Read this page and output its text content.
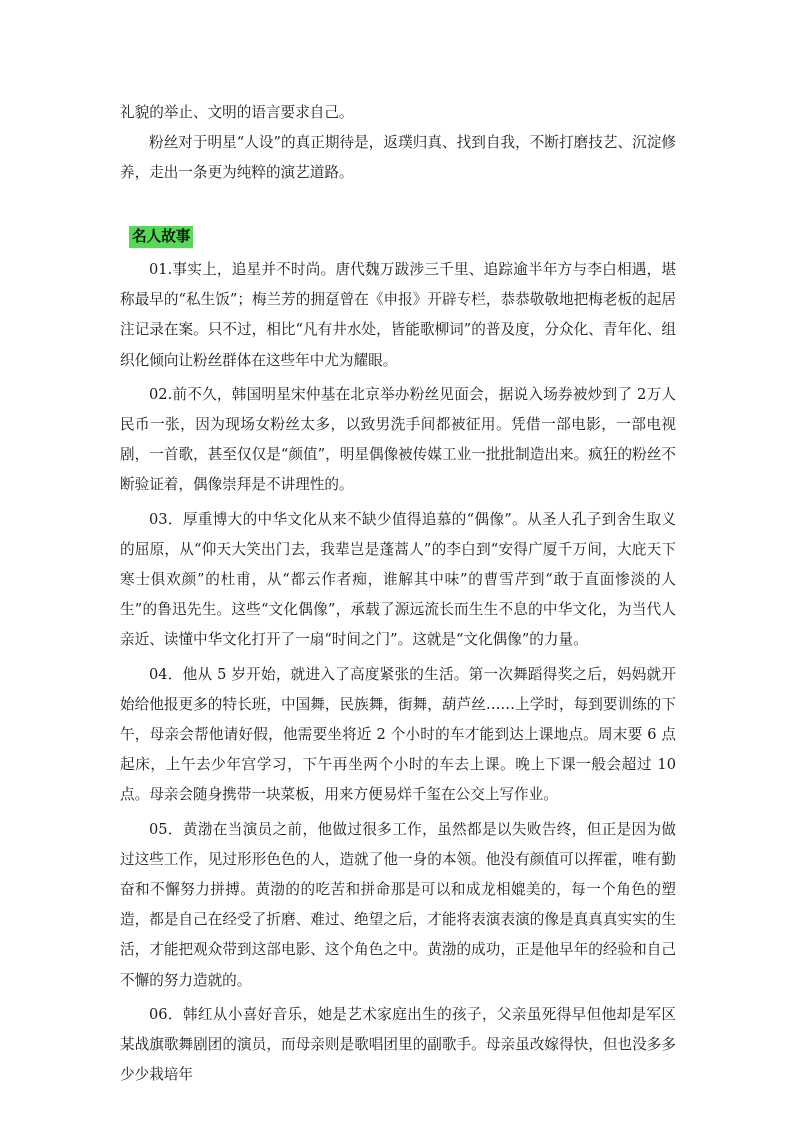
礼貌的举止、文明的语言要求自己。

粉丝对于明星“人设”的真正期待是，返璞归真、找到自我，不断打磨技艺、沉淀修养，走出一条更为纯粹的演艺道路。

名人故事

01.事实上，追星并不时尚。唐代魏万跋涉三千里、追踪逾半年方与李白相遇，堪称最早的“私生饭”；梅兰芳的拥趸曾在《申报》开辟专栏，恭恭敬敬地把梅老板的起居注记录在案。只不过，相比“凡有井水处，皆能歌柳词”的普及度，分众化、青年化、组织化倾向让粉丝群体在这些年中尤为耀眼。

02.前不久，韩国明星宋仲基在北京举办粉丝见面会，据说入场券被炒到了 2万人民币一张，因为现场女粉丝太多，以致男洗手间都被征用。凭借一部电影，一部电视剧，一首歌，甚至仅仅是“颜值”，明星偶像被传媒工业一批批制造出来。疯狂的粉丝不断验证着，偶像崇拜是不讲理性的。

03．厚重博大的中华文化从来不缺少值得追慕的“偶像”。从圣人孔子到舍生取义的屈原，从“仰天大笑出门去，我辈岂是蓬蒿人”的李白到“安得广厦千万间，大庇天下寒士俱欢颜”的杜甫，从“都云作者痴，谁解其中味”的曹雪芹到“敢于直面惨淡的人生”的鲁迅先生。这些“文化偶像”，承载了源远流长而生生不息的中华文化，为当代人亲近、读懂中华文化打开了一扇“时间之门”。这就是“文化偶像”的力量。

04．他从 5 岁开始，就进入了高度紧张的生活。第一次舞蹈得奖之后，妈妈就开始给他报更多的特长班，中国舞，民族舞，街舞，葫芦丝……上学时，每到要训练的下午，母亲会帮他请好假，他需要坐将近 2 个小时的车才能到达上课地点。周末要 6 点起床，上午去少年宫学习，下午再坐两个小时的车去上课。晚上下课一般会超过 10 点。母亲会随身携带一块菜板，用来方便易烊千玺在公交上写作业。

05．黄渤在当演员之前，他做过很多工作，虽然都是以失败告终，但正是因为做过这些工作，见过形形色色的人，造就了他一身的本领。他没有颜值可以挥霍，唯有勤奋和不懈努力拼搏。黄渤的的吃苦和拼命那是可以和成龙相媲美的，每一个角色的塑造，都是自己在经受了折磨、难过、绝望之后，才能将表演表演的像是真真真实实的生活，才能把观众带到这部电影、这个角色之中。黄渤的成功，正是他早年的经验和自己不懈的努力造就的。

06．韩红从小喜好音乐，她是艺术家庭出生的孩子，父亲虽死得早但他却是军区某战旗歌舞剧团的演员，而母亲则是歌唱团里的副歌手。母亲虽改嫁得快，但也没多多少少栽培年
